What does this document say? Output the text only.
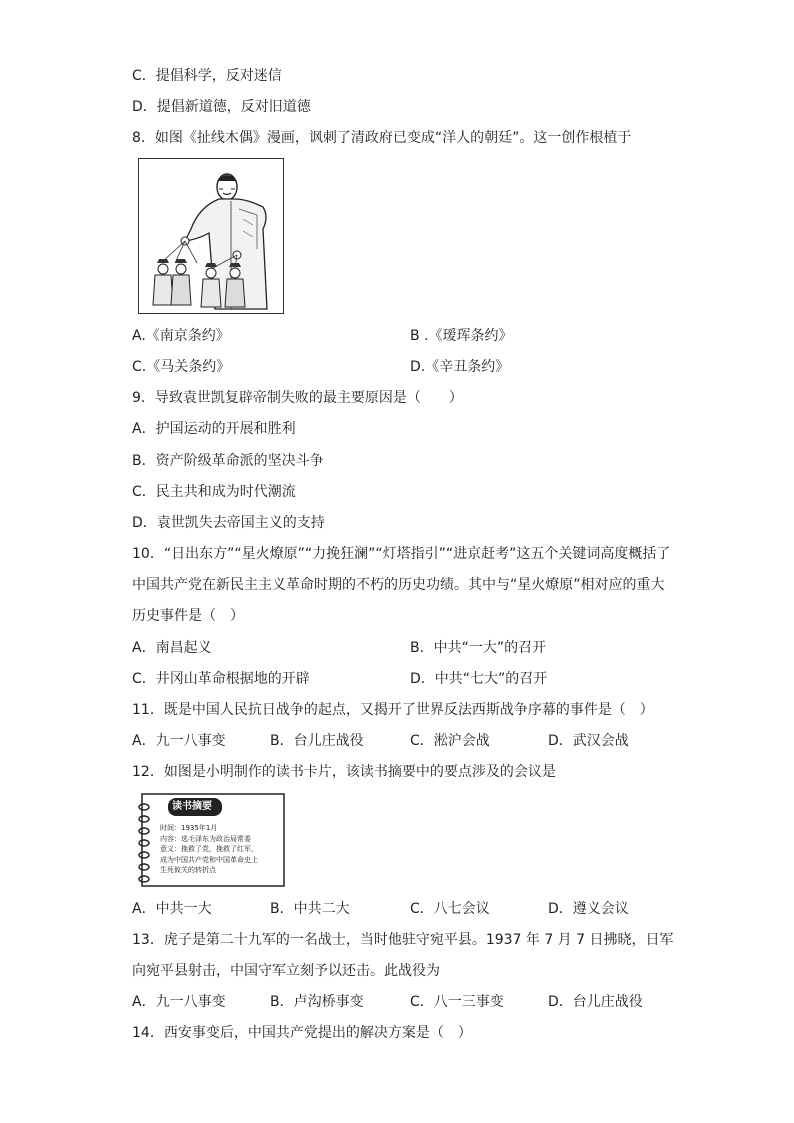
C．提倡科学，反对迷信
D．提倡新道德，反对旧道德
8．如图《扯线木偶》漫画，讽刺了清政府已变成“洋人的朝廷”。这一创作根植于
A.《南京条约》	B .《瑷珲条约》
C.《马关条约》	D.《辛丑条约》
9．导致袁世凯复辟帝制失败的最主要原因是（　　）
A．护国运动的开展和胜利
B．资产阶级革命派的坚决斗争
C．民主共和成为时代潮流
D．袁世凯失去帝国主义的支持
10．“日出东方”“星火燎原”“力挽狂澜”“灯塔指引”“进京赶考”这五个关键词高度概括了
中国共产党在新民主主义革命时期的不朽的历史功绩。其中与“星火燎原”相对应的重大
历史事件是（　）
A．南昌起义	B．中共“一大”的召开
C．井冈山革命根据地的开辟	D．中共“七大”的召开
11．既是中国人民抗日战争的起点，又揭开了世界反法西斯战争序幕的事件是（　）
A．九一八事变	B．台儿庄战役	C．淞沪会战	D．武汉会战
12．如图是小明制作的读书卡片，该读书摘要中的要点涉及的会议是
读书摘要
时间：1935年1月
内容：选毛泽东为政治局常委
意义：挽救了党，挽救了红军，
成为中国共产党和中国革命史上
生死攸关的转折点
A．中共一大	B．中共二大	C．八七会议	D．遵义会议
13．虎子是第二十九军的一名战士，当时他驻守宛平县。1937 年 7 月 7 日拂晓，日军
向宛平县射击，中国守军立刻予以还击。此战役为
A．九一八事变	B．卢沟桥事变	C．八一三事变	D．台儿庄战役
14．西安事变后，中国共产党提出的解决方案是（　）
